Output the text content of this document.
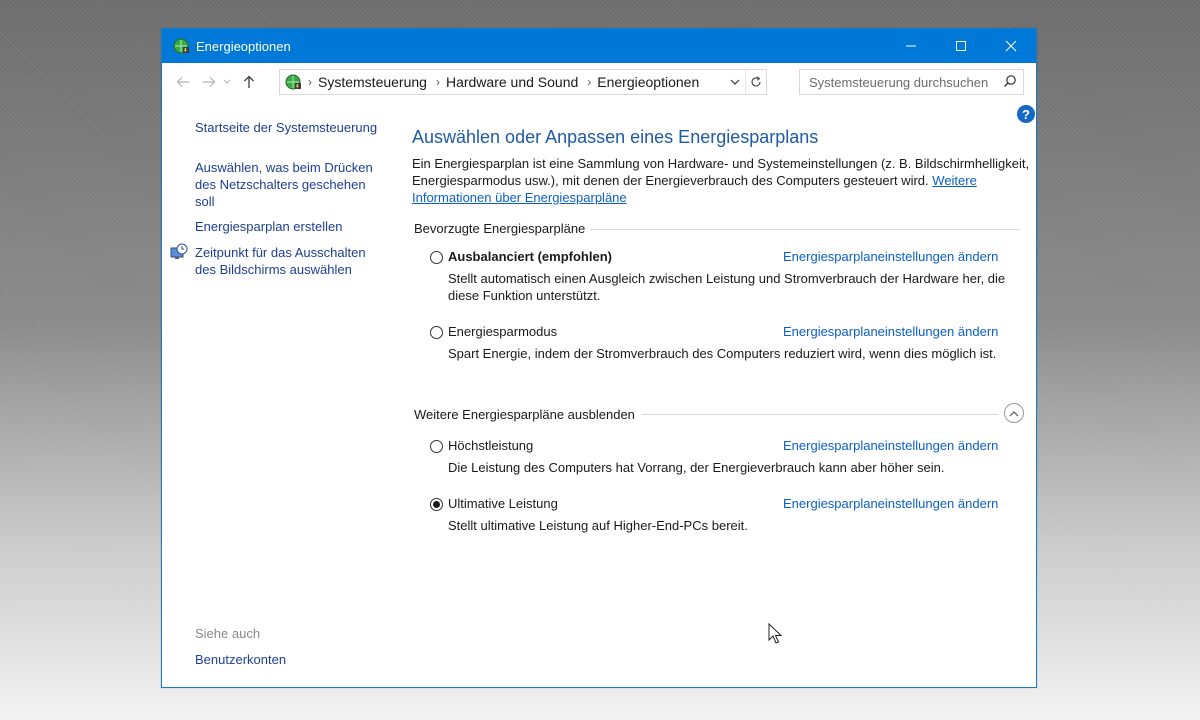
Energieoptionen
› Systemsteuerung › Hardware und Sound › Energieoptionen	Systemsteuerung durchsuchen
?
Startseite der Systemsteuerung
Auswählen, was beim Drücken des Netzschalters geschehen soll
Energiesparplan erstellen
Zeitpunkt für das Ausschalten des Bildschirms auswählen
Siehe auch
Benutzerkonten
Auswählen oder Anpassen eines Energiesparplans
Ein Energiesparplan ist eine Sammlung von Hardware- und Systemeinstellungen (z. B. Bildschirmhelligkeit, Energiesparmodus usw.), mit denen der Energieverbrauch des Computers gesteuert wird. Weitere Informationen über Energiesparpläne
Bevorzugte Energiesparpläne
Ausbalanciert (empfohlen)	Energiesparplaneinstellungen ändern
Stellt automatisch einen Ausgleich zwischen Leistung und Stromverbrauch der Hardware her, die diese Funktion unterstützt.
Energiesparmodus	Energiesparplaneinstellungen ändern
Spart Energie, indem der Stromverbrauch des Computers reduziert wird, wenn dies möglich ist.
Weitere Energiesparpläne ausblenden
Höchstleistung	Energiesparplaneinstellungen ändern
Die Leistung des Computers hat Vorrang, der Energieverbrauch kann aber höher sein.
Ultimative Leistung	Energiesparplaneinstellungen ändern
Stellt ultimative Leistung auf Higher-End-PCs bereit.
